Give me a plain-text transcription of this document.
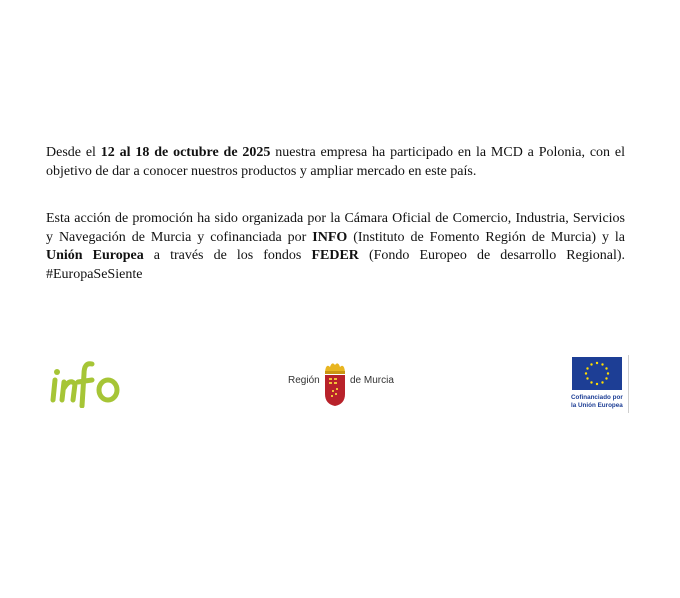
Desde el 12 al 18 de octubre de 2025 nuestra empresa ha participado en la MCD a Polonia, con el objetivo de dar a conocer nuestros productos y ampliar mercado en este país.

Esta acción de promoción ha sido organizada por la Cámara Oficial de Comercio, Industria, Servicios y Navegación de Murcia y cofinanciada por INFO (Instituto de Fomento Región de Murcia) y la Unión Europea a través de los fondos FEDER (Fondo Europeo de desarrollo Regional). #EuropaSeSiente

Región	de Murcia
Cofinanciado por
la Unión Europea
